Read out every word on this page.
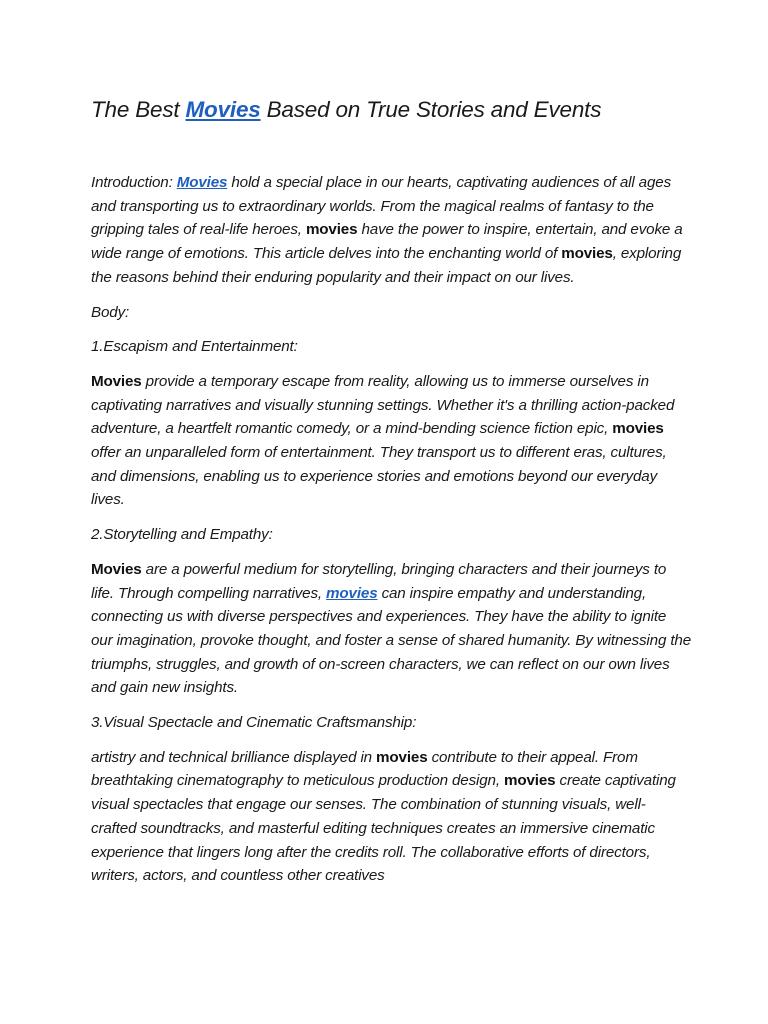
The Best Movies Based on True Stories and Events

Introduction: Movies hold a special place in our hearts, captivating audiences of all ages and transporting us to extraordinary worlds. From the magical realms of fantasy to the gripping tales of real-life heroes, movies have the power to inspire, entertain, and evoke a wide range of emotions. This article delves into the enchanting world of movies, exploring the reasons behind their enduring popularity and their impact on our lives.

Body:

1.Escapism and Entertainment:

Movies provide a temporary escape from reality, allowing us to immerse ourselves in captivating narratives and visually stunning settings. Whether it's a thrilling action-packed adventure, a heartfelt romantic comedy, or a mind-bending science fiction epic, movies offer an unparalleled form of entertainment. They transport us to different eras, cultures, and dimensions, enabling us to experience stories and emotions beyond our everyday lives.

2.Storytelling and Empathy:

Movies are a powerful medium for storytelling, bringing characters and their journeys to life. Through compelling narratives, movies can inspire empathy and understanding, connecting us with diverse perspectives and experiences. They have the ability to ignite our imagination, provoke thought, and foster a sense of shared humanity. By witnessing the triumphs, struggles, and growth of on-screen characters, we can reflect on our own lives and gain new insights.

3.Visual Spectacle and Cinematic Craftsmanship:

artistry and technical brilliance displayed in movies contribute to their appeal. From breathtaking cinematography to meticulous production design, movies create captivating visual spectacles that engage our senses. The combination of stunning visuals, well-crafted soundtracks, and masterful editing techniques creates an immersive cinematic experience that lingers long after the credits roll. The collaborative efforts of directors, writers, actors, and countless other creatives
